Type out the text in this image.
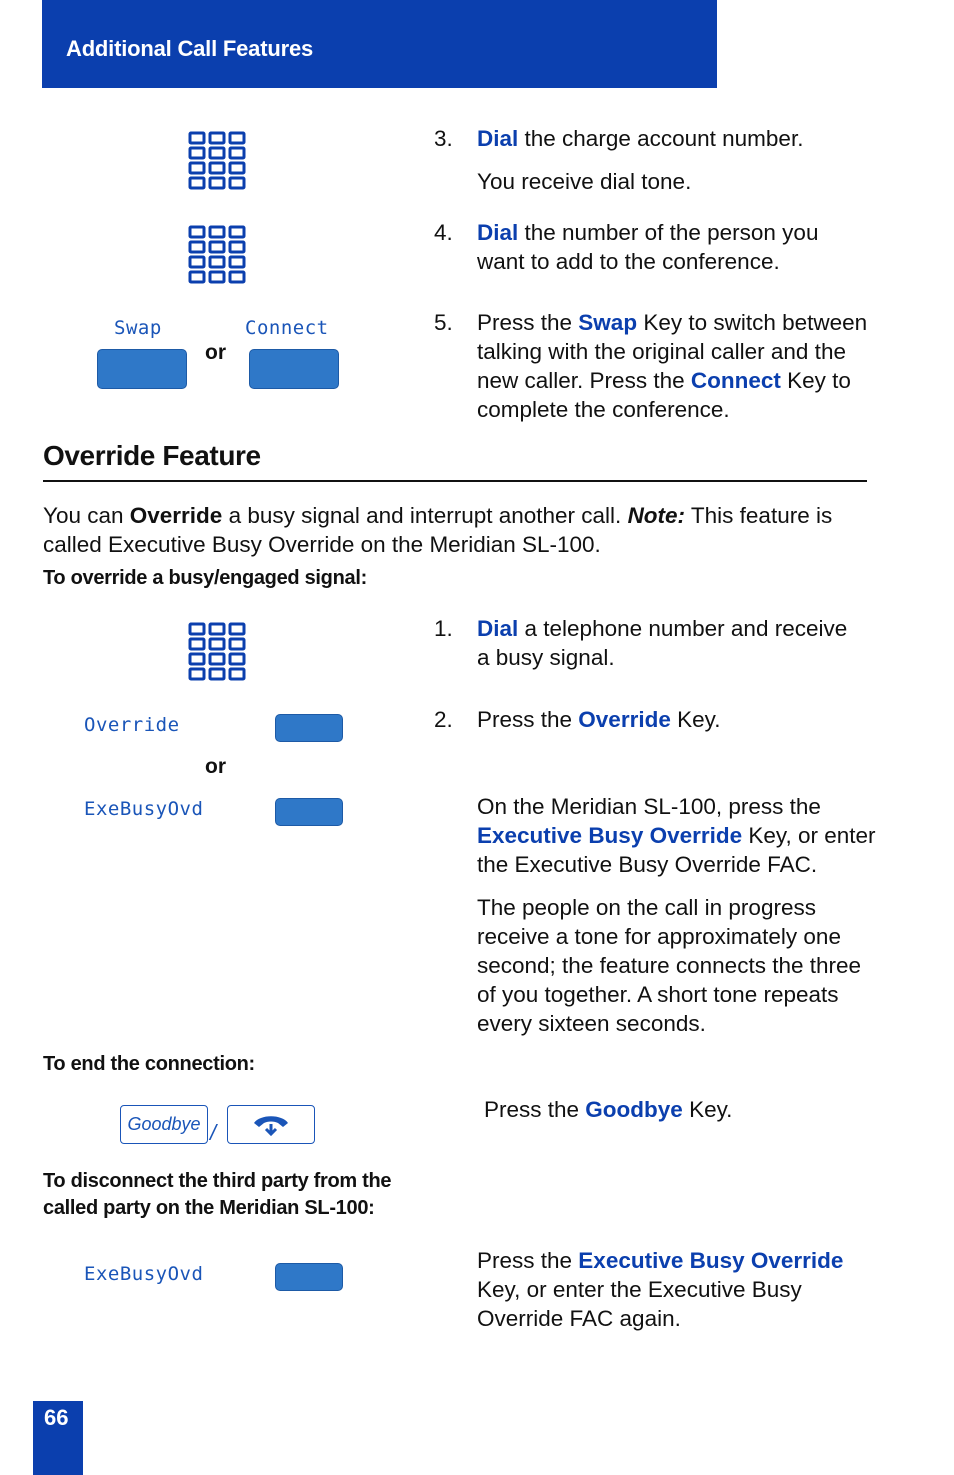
Additional Call Features
Swap	Connect
or
3. Dial the charge account number.
You receive dial tone.
4. Dial the number of the person you
want to add to the conference.
5. Press the Swap Key to switch between
talking with the original caller and the
new caller. Press the Connect Key to
complete the conference.
Override Feature
You can Override a busy signal and interrupt another call. Note: This feature is
called Executive Busy Override on the Meridian SL-100.
To override a busy/engaged signal:
1. Dial a telephone number and receive
a busy signal.
Override	2. Press the Override Key.
or
ExeBusyOvd	On the Meridian SL-100, press the
Executive Busy Override Key, or enter
the Executive Busy Override FAC.
The people on the call in progress
receive a tone for approximately one
second; the feature connects the three
of you together. A short tone repeats
every sixteen seconds.
To end the connection:
Goodbye /
Press the Goodbye Key.
To disconnect the third party from the
called party on the Meridian SL-100:
ExeBusyOvd
Press the Executive Busy Override
Key, or enter the Executive Busy
Override FAC again.
66
